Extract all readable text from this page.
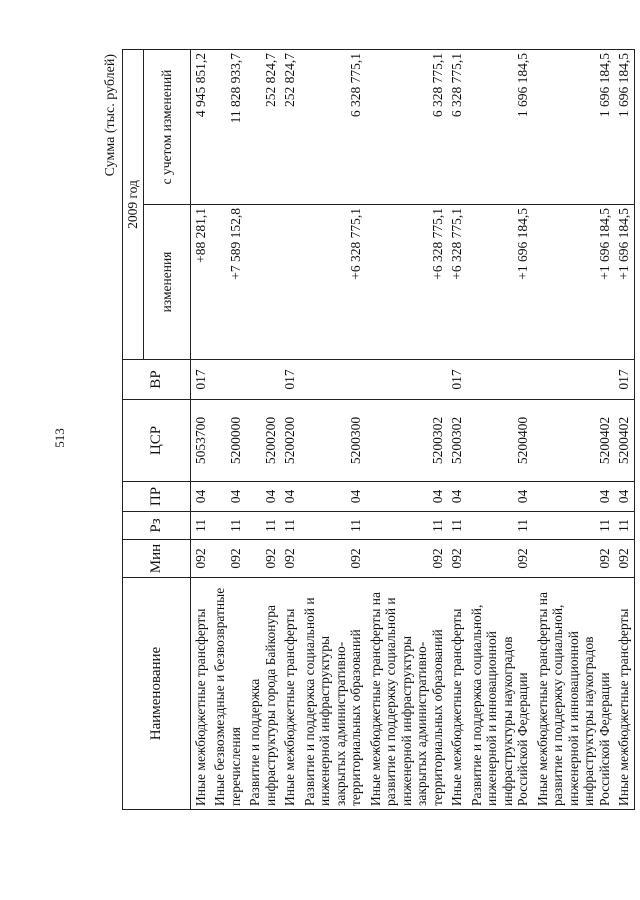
513
Сумма (тыс. рублей)
Наименование	Мин	Рз	ПР	ЦСР	ВР	2009 год	
						изменения	с учетом изменений
Иные межбюджетные трансферты	092	11	04	5053700	017	+88 281,1	4 945 851,2
Иные безвозмездные и безвозвратные перечисления	092	11	04	5200000		+7 589 152,8	11 828 933,7
Развитие и поддержка инфраструктуры города Байконура	092	11	04	5200200			252 824,7
Иные межбюджетные трансферты	092	11	04	5200200	017		252 824,7
Развитие и поддержка социальной и инженерной инфраструктуры закрытых административно-территориальных образований	092	11	04	5200300		+6 328 775,1	6 328 775,1
Иные межбюджетные трансферты на развитие и поддержку социальной и инженерной инфраструктуры закрытых административно-территориальных образований	092	11	04	5200302		+6 328 775,1	6 328 775,1
Иные межбюджетные трансферты	092	11	04	5200302	017	+6 328 775,1	6 328 775,1
Развитие и поддержка социальной, инженерной и инновационной инфраструктуры наукоградов Российской Федерации	092	11	04	5200400		+1 696 184,5	1 696 184,5
Иные межбюджетные трансферты на развитие и поддержку социальной, инженерной и инновационной инфраструктуры наукоградов Российской Федерации	092	11	04	5200402		+1 696 184,5	1 696 184,5
Иные межбюджетные трансферты	092	11	04	5200402	017	+1 696 184,5	1 696 184,5
